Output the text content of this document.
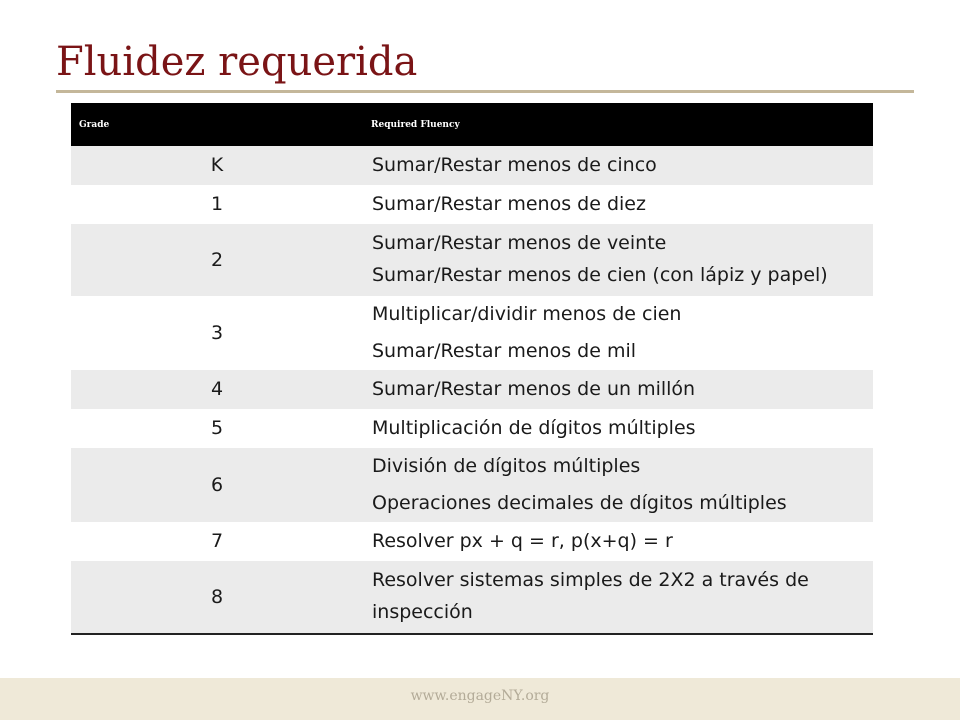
Fluidez requerida
www.engageNY.org
Grade	Required Fluency
K	Sumar/Restar menos de cinco

1	Sumar/Restar menos de diez

2	Sumar/Restar menos de veinte
Sumar/Restar menos de cien (con lápiz y papel)

3	Multiplicar/dividir menos de cien
Sumar/Restar menos de mil

4	Sumar/Restar menos de un millón

5	Multiplicación de dígitos múltiples

6	División de dígitos múltiples
Operaciones decimales de dígitos múltiples

7	Resolver px + q = r, p(x+q) = r

8	Resolver sistemas simples de 2X2 a través de inspección
